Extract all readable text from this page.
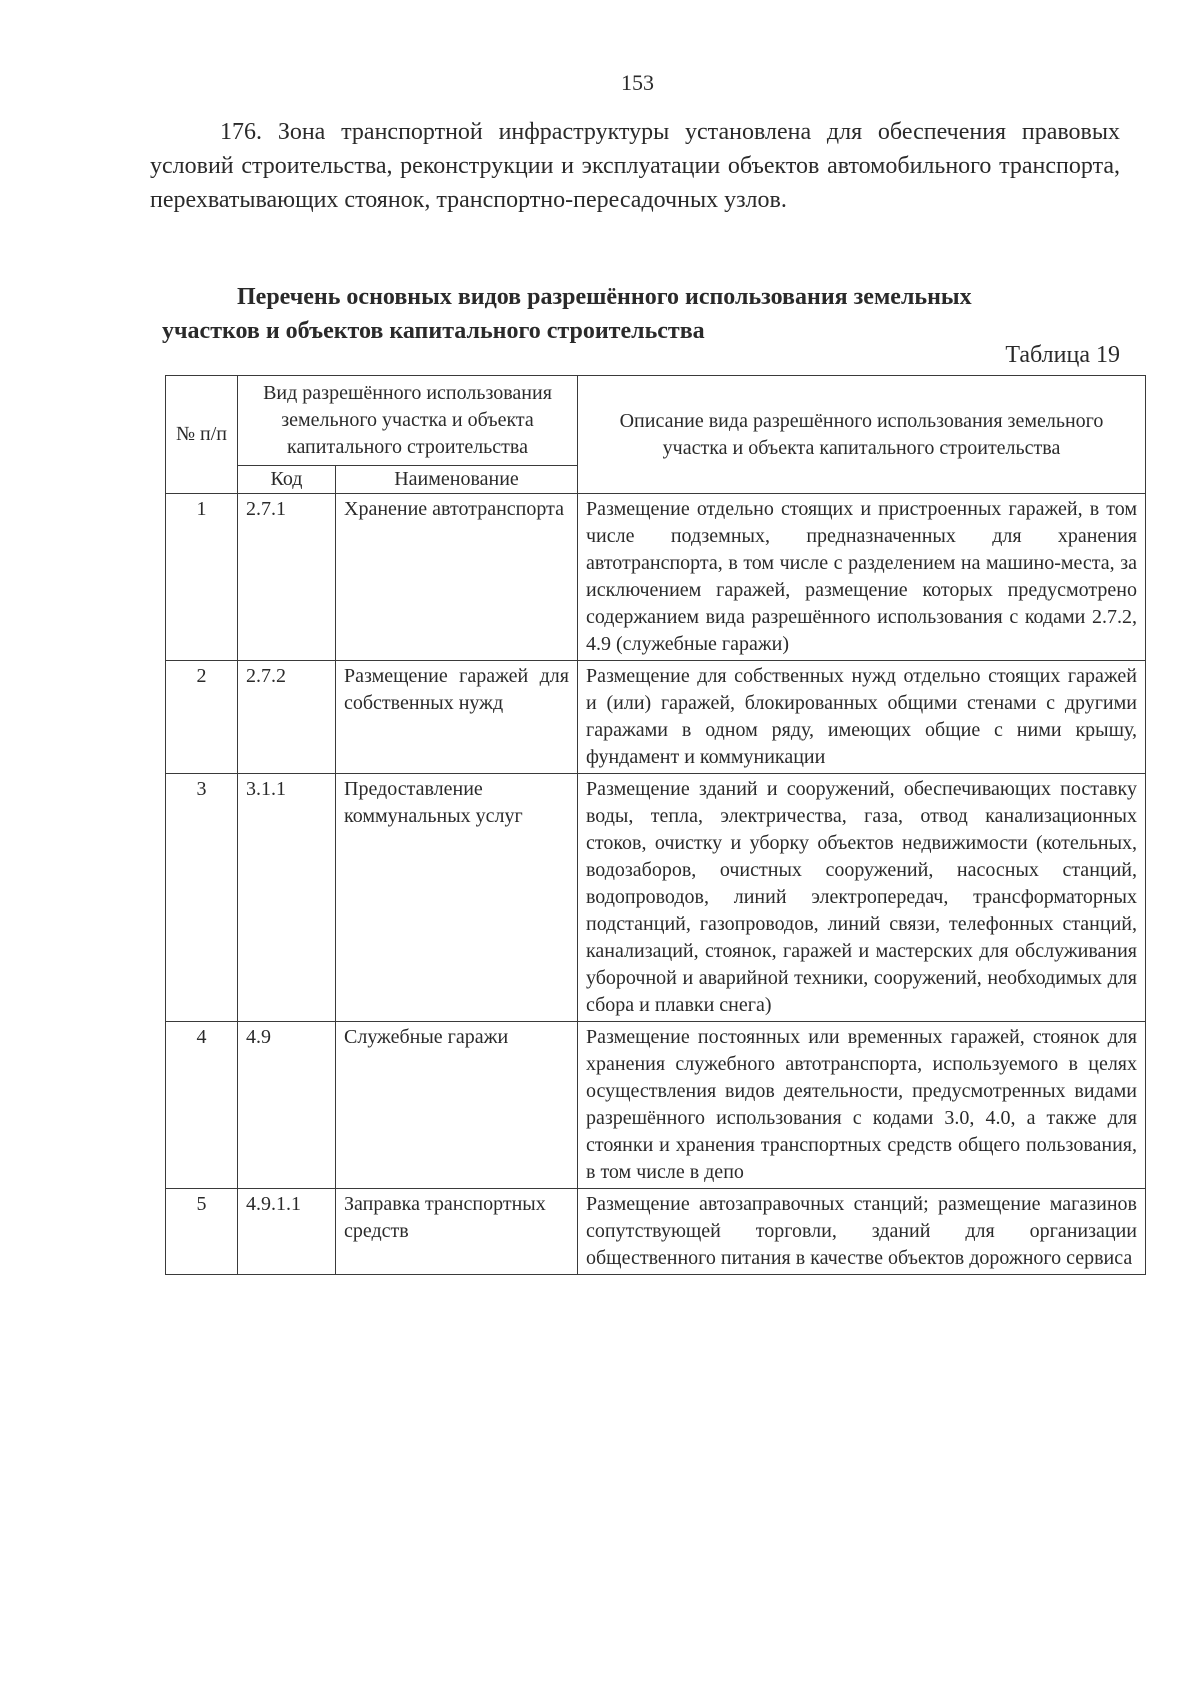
153
176. Зона транспортной инфраструктуры установлена для обеспечения правовых условий строительства, реконструкции и эксплуатации объектов автомобильного транспорта, перехватывающих стоянок, транспортно-пересадочных узлов.
Перечень основных видов разрешённого использования земельных
участков и объектов капитального строительства
Таблица 19
№ п/п	Вид разрешённого использования земельного участка и объекта капитального строительства		Описание вида разрешённого использования земельного участка и объекта капитального строительства
	Код	Наименование	
1	2.7.1	Хранение автотранспорта	Размещение отдельно стоящих и пристроенных гаражей, в том числе подземных, предназначенных для хранения автотранспорта, в том числе с разделением на машино-места, за исключением гаражей, размещение которых предусмотрено содержанием вида разрешённого использования с кодами 2.7.2, 4.9 (служебные гаражи)
2	2.7.2	Размещение гаражей для собственных нужд	Размещение для собственных нужд отдельно стоящих гаражей и (или) гаражей, блокированных общими стенами с другими гаражами в одном ряду, имеющих общие с ними крышу, фундамент и коммуникации
3	3.1.1	Предоставление коммунальных услуг	Размещение зданий и сооружений, обеспечивающих поставку воды, тепла, электричества, газа, отвод канализационных стоков, очистку и уборку объектов недвижимости (котельных, водозаборов, очистных сооружений, насосных станций, водопроводов, линий электропередач, трансформаторных подстанций, газопроводов, линий связи, телефонных станций, канализаций, стоянок, гаражей и мастерских для обслуживания уборочной и аварийной техники, сооружений, необходимых для сбора и плавки снега)
4	4.9	Служебные гаражи	Размещение постоянных или временных гаражей, стоянок для хранения служебного автотранспорта, используемого в целях осуществления видов деятельности, предусмотренных видами разрешённого использования с кодами 3.0, 4.0, а также для стоянки и хранения транспортных средств общего пользования, в том числе в депо
5	4.9.1.1	Заправка транспортных средств	Размещение автозаправочных станций; размещение магазинов сопутствующей торговли, зданий для организации общественного питания в качестве объектов дорожного сервиса
